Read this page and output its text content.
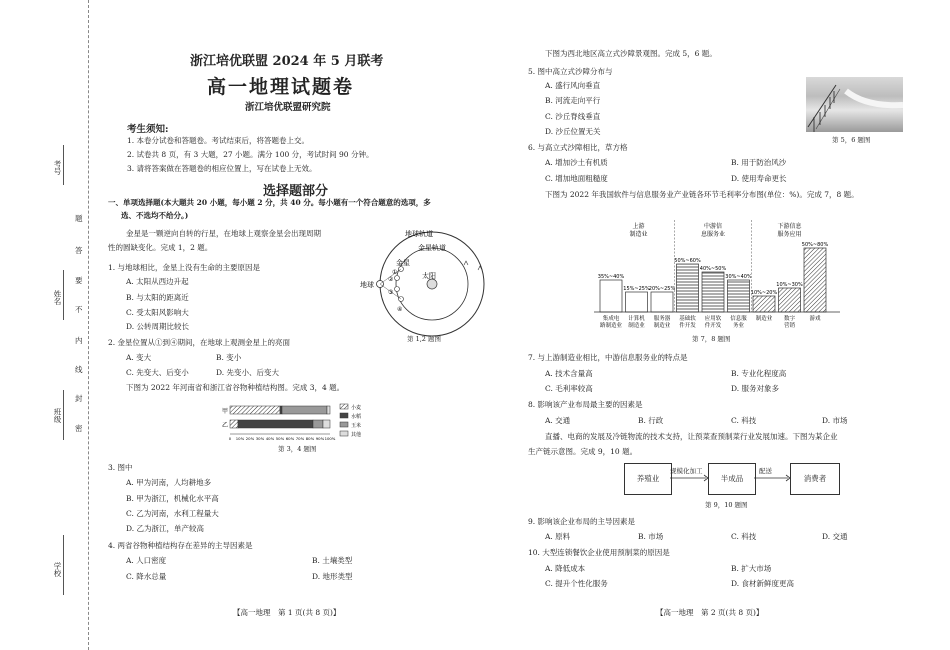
考号
姓名
班级
学校
题
答
要
不
内
线
封
密
浙江培优联盟 2024 年 5 月联考
高一地理试题卷
浙江培优联盟研究院
考生须知:
1. 本卷分试卷和答题卷。考试结束后，将答题卷上交。
2. 试卷共 8 页，有 3 大题，27 小题。满分 100 分，考试时间 90 分钟。
3. 请将答案做在答题卷的相应位置上，写在试卷上无效。
选择题部分
一、单项选择题(本大题共 20 小题，每小题 2 分，共 40 分。每小题有一个符合题意的选项，多
选、不选均不给分。)
金星是一颗逆向自转的行星，在地球上观察金星会出现周期
性的圆缺变化。完成 1，2 题。
地球轨道
金星轨道
金星
太阳
地球
①
②
③
④
第 1,2 题图
1. 与地球相比，金星上没有生命的主要原因是
A. 太阳从西边升起
B. 与太阳的距离近
C. 受太阳风影响大
D. 公转周期比较长
2. 金星位置从①到④期间，在地球上观测金星上的亮面
A. 变大	B. 变小
C. 先变大、后变小	D. 先变小、后变大
下图为 2022 年河南省和浙江省谷物种植结构图。完成 3，4 题。
甲
乙
0 10% 20% 30% 40% 50% 60% 70% 80% 90% 100%
小麦
水稻
玉米
其他
第 3，4 题图
3. 图中
A. 甲为河南，人均耕地多
B. 甲为浙江，机械化水平高
C. 乙为河南，水利工程量大
D. 乙为浙江，单产较高
4. 两省谷物种植结构存在差异的主导因素是
A. 人口密度	B. 土壤类型
C. 降水总量	D. 地形类型
【高一地理　第 1 页(共 8 页)】
下图为西北地区高立式沙障景观图。完成 5，6 题。
第 5，6 题图
5. 图中高立式沙障分布与
A. 盛行风向垂直
B. 河流走向平行
C. 沙丘脊线垂直
D. 沙丘位置无关
6. 与高立式沙障相比，草方格
A. 增加沙土有机质	B. 用于防治风沙
C. 增加地面粗糙度	D. 使用寿命更长
下图为 2022 年我国软件与信息服务业产业链各环节毛利率分布图(单位：%)。完成 7，8 题。
35%~40%
集成电
路制造业
15%~25%
计算机
制造业
20%~25%
服务器
制造业
50%~60%
基础软
件开发
40%~50%
应用软
件开发
30%~40%
信息服
务业
10%~20%
制造业
10%~30%
数字
营销
50%~80%
游戏
上游
制造业
中游信
息服务业
下游信息
服务应用
第 7，8 题图
7. 与上游制造业相比，中游信息服务业的特点是
A. 技术含量高	B. 专业化程度高
C. 毛利率较高	D. 服务对象多
8. 影响该产业布局最主要的因素是
A. 交通	B. 行政	C. 科技	D. 市场
直播、电商的发展及冷链物流的技术支持，让预菜查预制菜行业发展加速。下图为某企业
生产链示意图。完成 9，10 题。
养殖业	半成品	消费者
规模化加工	配送
第 9，10 题图
9. 影响该企业布局的主导因素是
A. 原料	B. 市场	C. 科技	D. 交通
10. 大型连锁餐饮企业使用预制菜的原因是
A. 降低成本	B. 扩大市场
C. 提升个性化服务	D. 食材新鲜度更高
【高一地理　第 2 页(共 8 页)】
